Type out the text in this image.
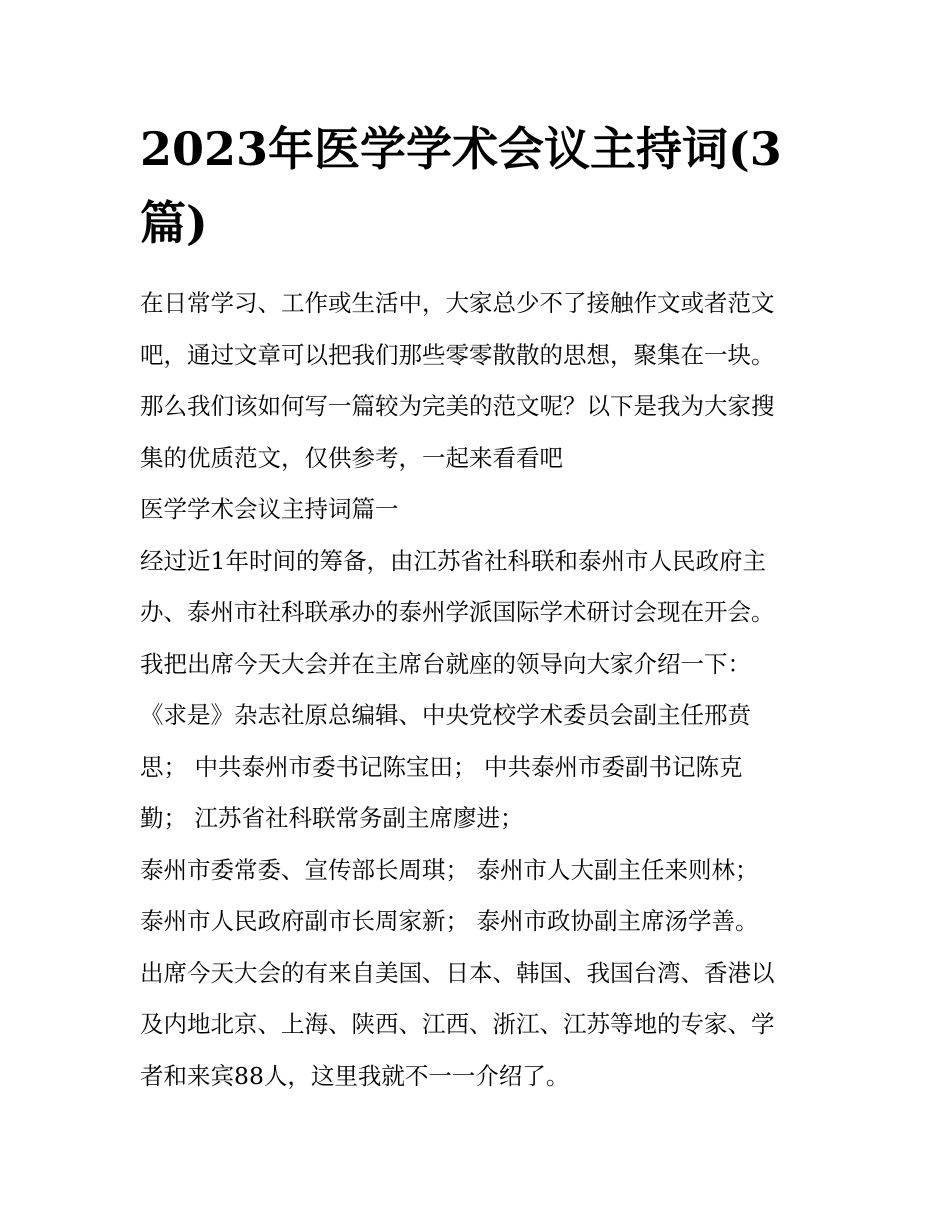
2023年医学学术会议主持词(3
篇)
在日常学习、工作或生活中，大家总少不了接触作文或者范文
吧，通过文章可以把我们那些零零散散的思想，聚集在一块。
那么我们该如何写一篇较为完美的范文呢？以下是我为大家搜
集的优质范文，仅供参考，一起来看看吧
医学学术会议主持词篇一
经过近1年时间的筹备，由江苏省社科联和泰州市人民政府主
办、泰州市社科联承办的泰州学派国际学术研讨会现在开会。
我把出席今天大会并在主席台就座的领导向大家介绍一下：
《求是》杂志社原总编辑、中央党校学术委员会副主任邢贲
思； 中共泰州市委书记陈宝田； 中共泰州市委副书记陈克
勤； 江苏省社科联常务副主席廖进；
泰州市委常委、宣传部长周琪； 泰州市人大副主任来则林；
泰州市人民政府副市长周家新； 泰州市政协副主席汤学善。
出席今天大会的有来自美国、日本、韩国、我国台湾、香港以
及内地北京、上海、陕西、江西、浙江、江苏等地的专家、学
者和来宾88人，这里我就不一一介绍了。
